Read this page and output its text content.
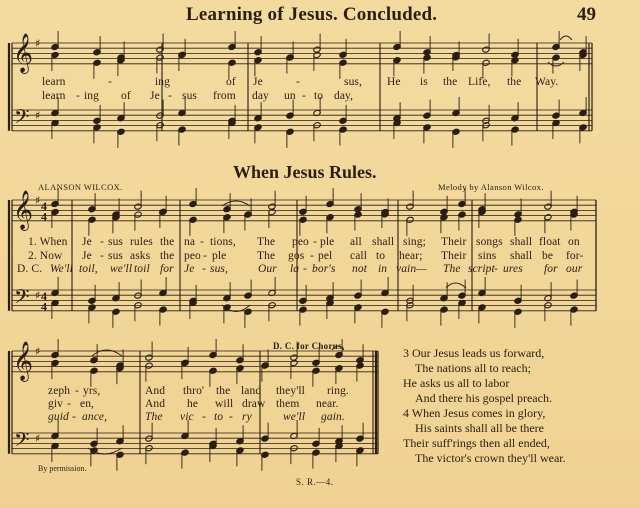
𝄞
𝄢
♯
♯
𝄞
𝄢
♯
♯
4
4
4
4
𝄞
𝄢
♯
♯
Learning of Jesus. Concluded.	49
learn	-	ing	of Je	-	sus, He is the Life, the Way.
learn - ing of Je - sus from day un - to day,
When Jesus Rules.
ALANSON WILCOX.	Melody by Alanson Wilcox.
1. When Je - sus rules the na - tions, The peo - ple all shall sing; Their songs shall float on
2. Now Je - sus asks the peo - ple	The gos - pel call to hear; Their sins shall be for-
D. C. We'll toil, we'll toil for Je - sus,	Our la - bor's not in vain— The script - ures for our
D. C. for Chorus.
zeph - yrs,	And thro' the land they'll ring.
giv - en,	And he will draw them near.
guid - ance,	The vic - to - ry	we'll gain.
3 Our Jesus leads us forward,
The nations all to reach;
He asks us all to labor
And there his gospel preach.
4 When Jesus comes in glory,
His saints shall all be there
Their suff'rings then all ended,
The victor's crown they'll wear.
By permission.
S. R.—4.
